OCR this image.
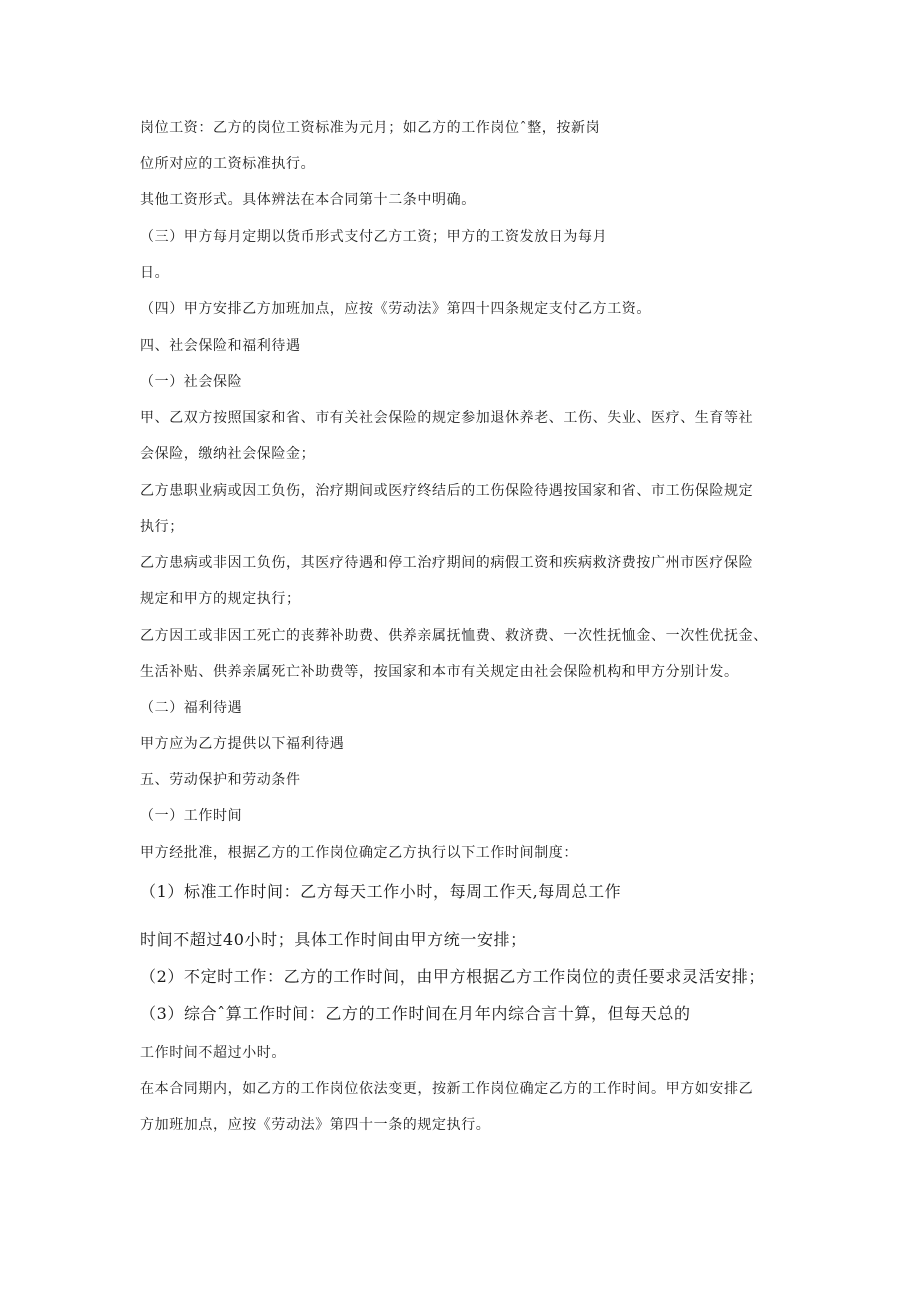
岗位工资：乙方的岗位工资标准为元月；如乙方的工作岗位ˆ整，按新岗
位所对应的工资标准执行。
其他工资形式。具体辨法在本合同第十二条中明确。
（三）甲方每月定期以货币形式支付乙方工资；甲方的工资发放日为每月
日。
（四）甲方安排乙方加班加点，应按《劳动法》第四十四条规定支付乙方工资。
四、社会保险和福利待遇
（一）社会保险
甲、乙双方按照国家和省、市有关社会保险的规定参加退休养老、工伤、失业、医疗、生育等社
会保险，缴纳社会保险金；
乙方患职业病或因工负伤，治疗期间或医疗终结后的工伤保险待遇按国家和省、市工伤保险规定
执行；
乙方患病或非因工负伤，其医疗待遇和停工治疗期间的病假工资和疾病救济费按广州市医疗保险
规定和甲方的规定执行；
乙方因工或非因工死亡的丧葬补助费、供养亲属抚恤费、救济费、一次性抚恤金、一次性优抚金、
生活补贴、供养亲属死亡补助费等，按国家和本市有关规定由社会保险机构和甲方分别计发。
（二）福利待遇
甲方应为乙方提供以下福利待遇
五、劳动保护和劳动条件
（一）工作时间
甲方经批准，根据乙方的工作岗位确定乙方执行以下工作时间制度：
（1）标准工作时间：乙方每天工作小时，每周工作天,每周总工作
时间不超过40小时；具体工作时间由甲方统一安排；
（2）不定时工作：乙方的工作时间，由甲方根据乙方工作岗位的责任要求灵活安排；
（3）综合ˆ算工作时间：乙方的工作时间在月年内综合言十算，但每天总的
工作时间不超过小时。
在本合同期内，如乙方的工作岗位依法变更，按新工作岗位确定乙方的工作时间。甲方如安排乙
方加班加点，应按《劳动法》第四十一条的规定执行。
